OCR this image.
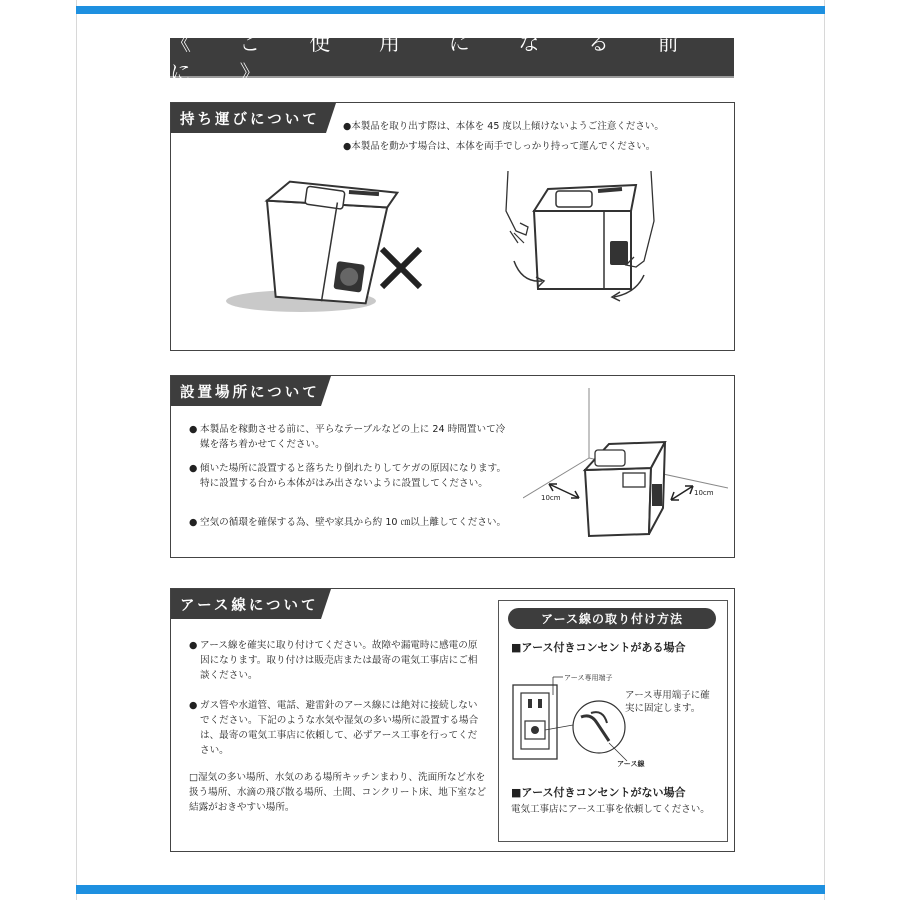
《 ご 使 用 に な る 前 に 》
持ち運びについて	●本製品を取り出す際は、本体を 45 度以上傾けないようご注意ください。
●本製品を動かす場合は、本体を両手でしっかり持って運んでください。
設置場所について
● 本製品を稼動させる前に、平らなテーブルなどの上に 24 時間置いて冷媒を落ち着かせてください。
● 傾いた場所に設置すると落ちたり倒れたりしてケガの原因になります。特に設置する台から本体がはみ出さないように設置してください。
● 空気の循環を確保する為、壁や家具から約 10 ㎝以上離してください。
10cm
10cm
アース線について
● アース線を確実に取り付けてください。故障や漏電時に感電の原因になります。取り付けは販売店または最寄の電気工事店にご相談ください。
● ガス管や水道管、電話、避雷針のアース線には絶対に接続しないでください。下記のような水気や湿気の多い場所に設置する場合は、最寄の電気工事店に依頼して、必ずアース工事を行ってください。
□湿気の多い場所、水気のある場所キッチンまわり、洗面所など水を扱う場所、水滴の飛び散る場所、土間、コンクリート床、地下室など結露がおきやすい場所。
アース線の取り付け方法
■アース付きコンセントがある場合
アース専用端子
アース専用端子に確実に固定します。
アース線
■アース付きコンセントがない場合
電気工事店にアース工事を依頼してください。
